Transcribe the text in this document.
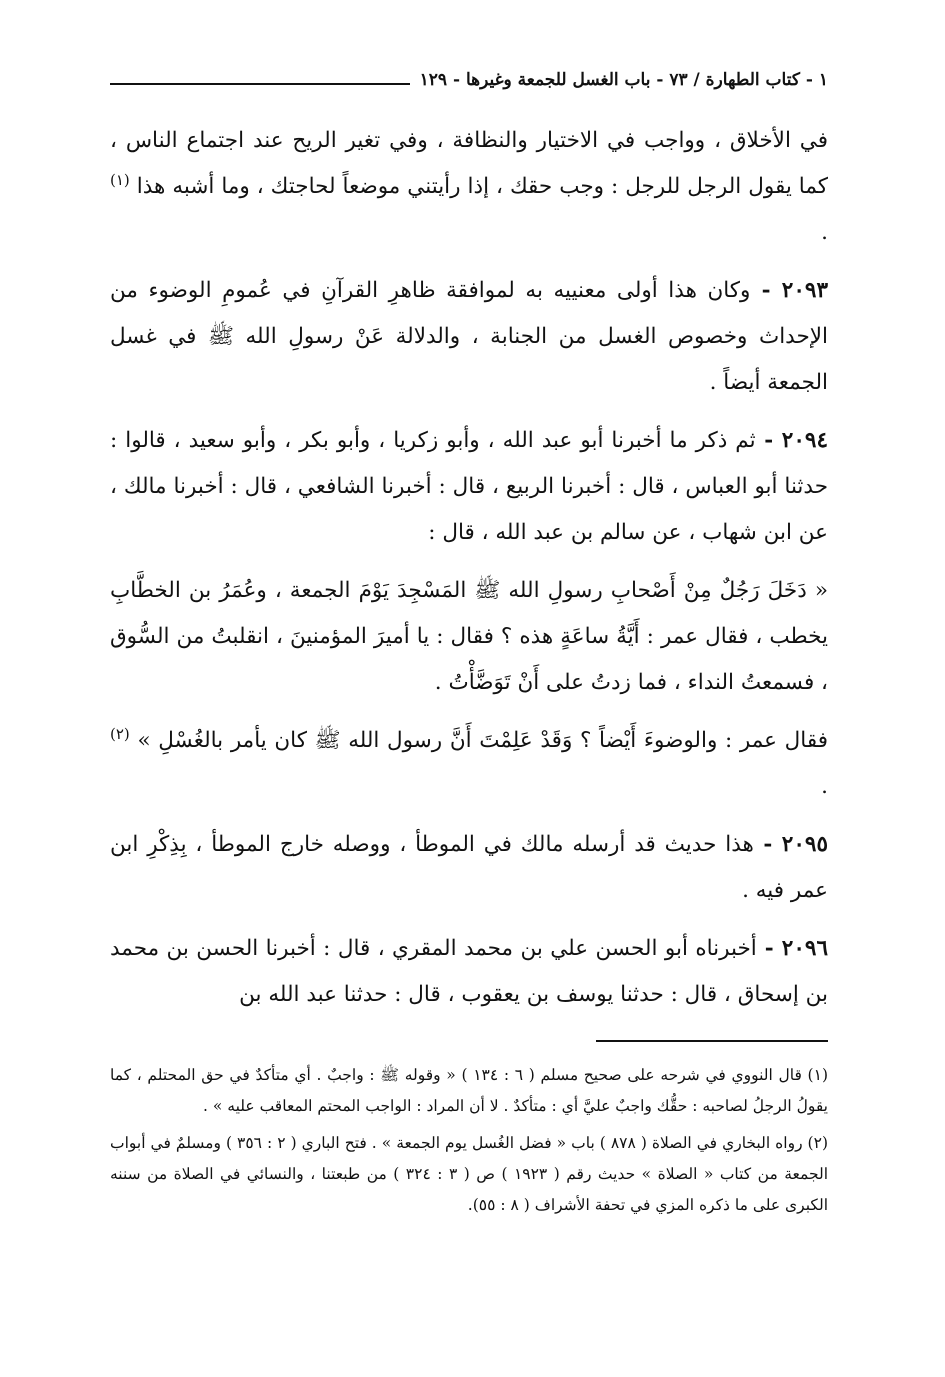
١ - كتاب الطهارة / ٧٣ - باب الغسل للجمعة وغيرها - ١٢٩

في الأخلاق ، وواجب في الاختيار والنظافة ، وفي تغير الريح عند اجتماع الناس ، كما يقول الرجل للرجل : وجب حقك ، إذا رأيتني موضعاً لحاجتك ، وما أشبه هذا $^{(١)}$ .

٢٠٩٣ - وكان هذا أولى معنييه به لموافقة ظاهرِ القرآنِ في عُمومِ الوضوء من الإحداث وخصوص الغسل من الجنابة ، والدلالة عَنْ رسولِ الله ﷺ في غسل الجمعة أيضاً .

٢٠٩٤ - ثم ذكر ما أخبرنا أبو عبد الله ، وأبو زكريا ، وأبو بكر ، وأبو سعيد ، قالوا : حدثنا أبو العباس ، قال : أخبرنا الربيع ، قال : أخبرنا الشافعي ، قال : أخبرنا مالك ، عن ابن شهاب ، عن سالم بن عبد الله ، قال :

« دَخَلَ رَجُلٌ مِنْ أَصْحابِ رسولِ الله ﷺ المَسْجِدَ يَوْمَ الجمعة ، وعُمَرُ بن الخطَّابِ يخطب ، فقال عمر : أَيَّةُ ساعَةٍ هذه ؟ فقال : يا أميرَ المؤمنينَ ، انقلبتُ من السُّوق ، فسمعتُ النداء ، فما زدتُ على أَنْ تَوَضَّأْتُ .

فقال عمر : والوضوءَ أَيْضاً ؟ وَقَدْ عَلِمْتَ أَنَّ رسول الله ﷺ كان يأمر بالغُسْلِ » $^{(٢)}$ .

٢٠٩٥ - هذا حديث قد أرسله مالك في الموطأ ، ووصله خارج الموطأ ، بِذِكْرِ ابن عمر فيه .

٢٠٩٦ - أخبرناه أبو الحسن علي بن محمد المقري ، قال : أخبرنا الحسن بن محمد بن إسحاق ، قال : حدثنا يوسف بن يعقوب ، قال : حدثنا عبد الله بن

(١) قال النووي في شرحه على صحيح مسلم ( ٦ : ١٣٤ ) « وقوله ﷺ : واجبٌ . أي متأكدٌ في حق المحتلم ، كما يقولُ الرجلُ لصاحبه : حقُّك واجبٌ عليَّ أي : متأكدٌ . لا أن المراد : الواجب المحتم المعاقب عليه » .

(٢) رواه البخاري في الصلاة ( ٨٧٨ ) باب « فضل الغُسل يوم الجمعة » . فتح الباري ( ٢ : ٣٥٦ ) ومسلمٌ في أبواب الجمعة من كتاب « الصلاة » حديث رقم ( ١٩٢٣ ) ص ( ٣ : ٣٢٤ ) من طبعتنا ، والنسائي في الصلاة من سننه الكبرى على ما ذكره المزي في تحفة الأشراف ( ٨ : ٥٥).
